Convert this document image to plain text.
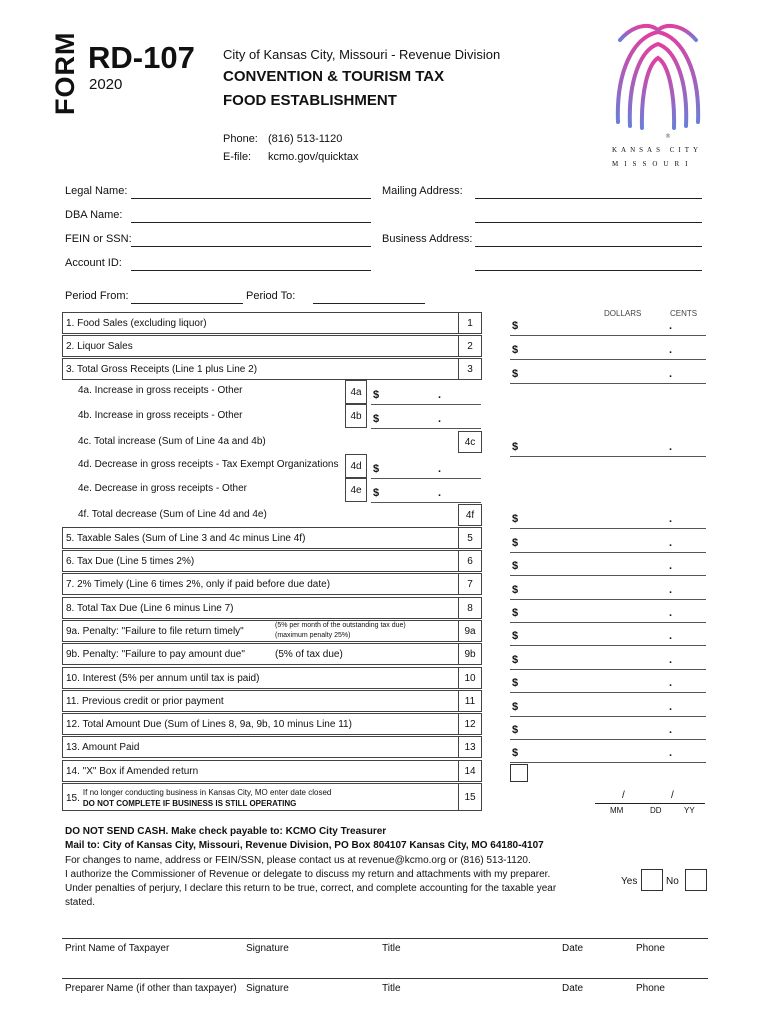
FORM RD-107
2020
City of Kansas City, Missouri - Revenue Division
CONVENTION & TOURISM TAX
FOOD ESTABLISHMENT
Phone: (816) 513-1120
E-file: kcmo.gov/quicktax
®
KANSAS CITY
MISSOURI
Legal Name:
DBA Name:
FEIN or SSN:
Account ID:
Mailing Address:
Business Address:
Period From:	Period To:
DOLLARS	CENTS
1. Food Sales (excluding liquor)	1	$	.
2. Liquor Sales	2	$	.
3. Total Gross Receipts (Line 1 plus Line 2)	3	$	.
4a. Increase in gross receipts - Other	4a	$	.
4b. Increase in gross receipts - Other	4b	$	.
4c. Total increase (Sum of Line 4a and 4b)	4c	$	.
4d. Decrease in gross receipts - Tax Exempt Organizations	4d	$	.
4e. Decrease in gross receipts - Other	4e	$	.
4f. Total decrease (Sum of Line 4d and 4e)	4f	$	.
5. Taxable Sales (Sum of Line 3 and 4c minus Line 4f)	5	$	.
6. Tax Due (Line 5 times 2%)	6	$	.
7. 2% Timely (Line 6 times 2%, only if paid before due date)	7	$	.
8. Total Tax Due (Line 6 minus Line 7)	8	$	.
9a. Penalty: "Failure to file return timely"	(5% per month of the outstanding tax due)
(maximum penalty 25%)	9a	$	.
9b. Penalty: "Failure to pay amount due"	(5% of tax due)	9b	$	.
10. Interest (5% per annum until tax is paid)	10	$	.
11. Previous credit or prior payment	11	$	.
12. Total Amount Due (Sum of Lines 8, 9a, 9b, 10 minus Line 11)	12	$	.
13. Amount Paid	13	$	.
14. "X" Box if Amended return	14
15.
If no longer conducting business in Kansas City, MO enter date closed
DO NOT COMPLETE IF BUSINESS IS STILL OPERATING
15	/	/
MM	DD	YY
DO NOT SEND CASH. Make check payable to: KCMO City Treasurer
Mail to: City of Kansas City, Missouri, Revenue Division, PO Box 804107 Kansas City, MO 64180-4107
For changes to name, address or FEIN/SSN, please contact us at revenue@kcmo.org or (816) 513-1120.
I authorize the Commissioner of Revenue or delegate to discuss my return and attachments with my preparer.
Under penalties of perjury, I declare this return to be true, correct, and complete accounting for the taxable year
stated.
Yes	No
Print Name of Taxpayer	Signature	Title	Date	Phone
Preparer Name (if other than taxpayer) Signature	Title	Date	Phone
